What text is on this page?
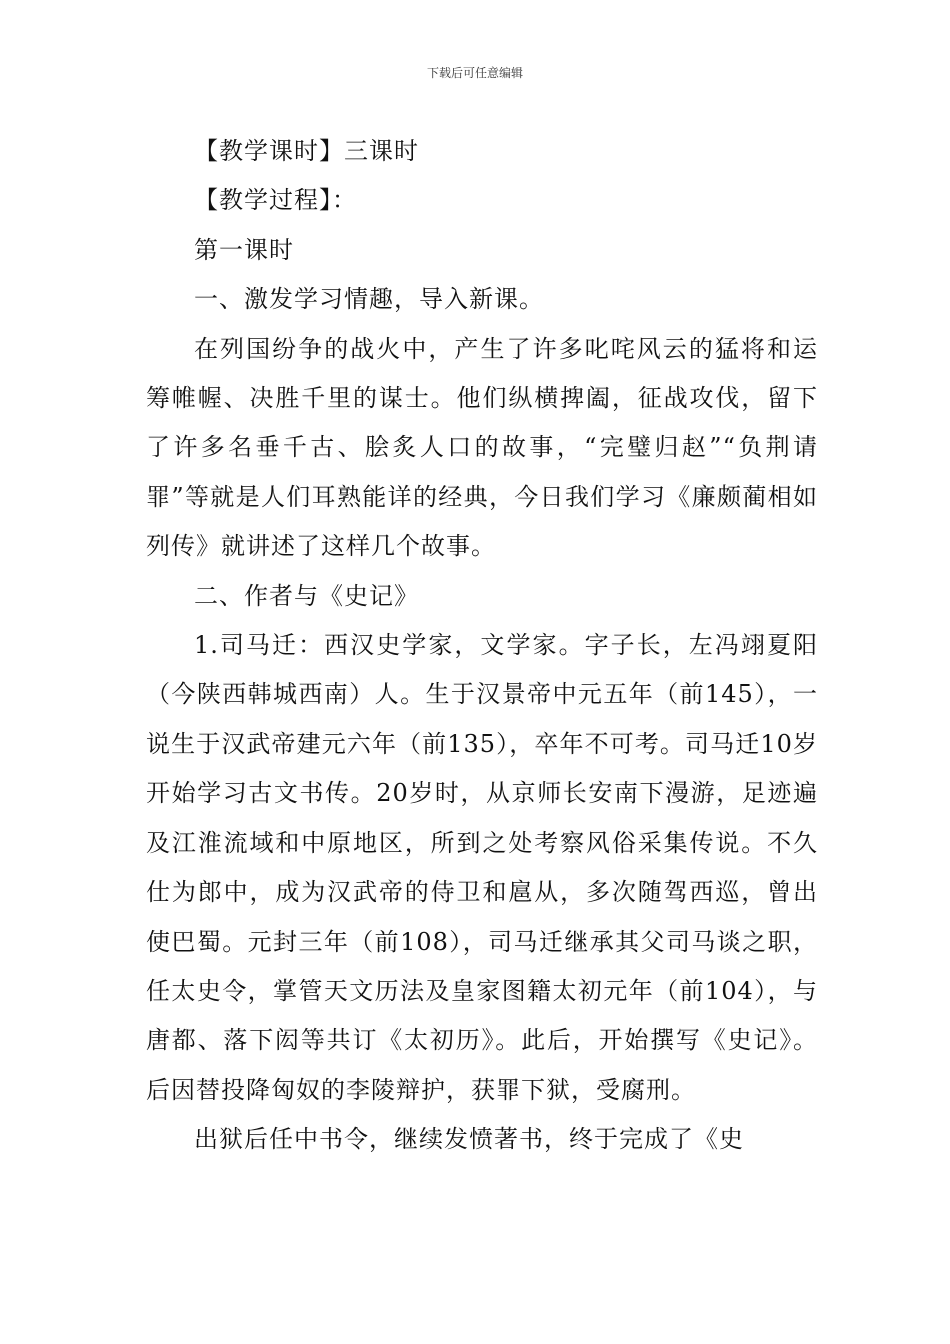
下载后可任意编辑

【教学课时】三课时

【教学过程】：

第一课时

一、激发学习情趣，导入新课。

在列国纷争的战火中，产生了许多叱咤风云的猛将和运筹帷幄、决胜千里的谋士。他们纵横捭阖，征战攻伐，留下了许多名垂千古、脍炙人口的故事，“完璧归赵”“负荆请罪”等就是人们耳熟能详的经典，今日我们学习《廉颇蔺相如列传》就讲述了这样几个故事。

二、作者与《史记》

1.司马迁：西汉史学家，文学家。字子长，左冯翊夏阳（今陕西韩城西南）人。生于汉景帝中元五年（前145），一说生于汉武帝建元六年（前135），卒年不可考。司马迁10岁开始学习古文书传。20岁时，从京师长安南下漫游，足迹遍及江淮流域和中原地区，所到之处考察风俗采集传说。不久仕为郎中，成为汉武帝的侍卫和扈从，多次随驾西巡，曾出使巴蜀。元封三年（前108），司马迁继承其父司马谈之职，任太史令，掌管天文历法及皇家图籍太初元年（前104），与唐都、落下闳等共订《太初历》。此后，开始撰写《史记》。后因替投降匈奴的李陵辩护，获罪下狱，受腐刑。

出狱后任中书令，继续发愤著书，终于完成了《史
